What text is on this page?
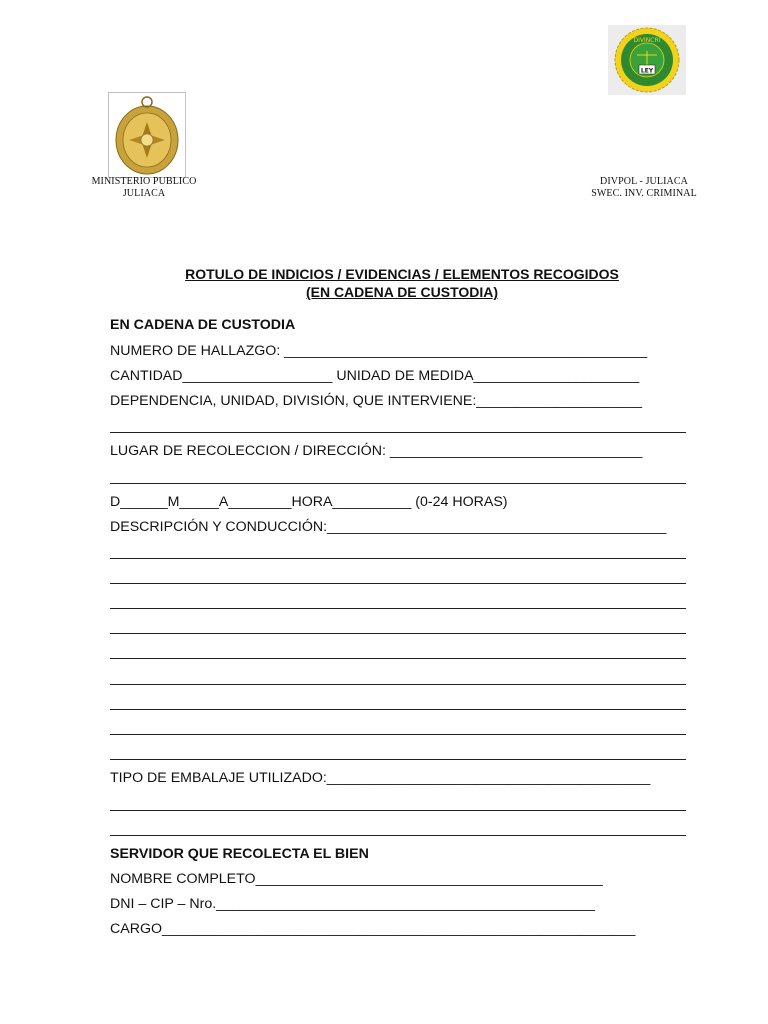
DIVINCRI
LEY
MINISTERIO PUBLICO
JULIACA
DIVPOL - JULIACA
SWEC. INV. CRIMINAL
ROTULO DE INDICIOS / EVIDENCIAS / ELEMENTOS RECOGIDOS
(EN CADENA DE CUSTODIA)
EN CADENA DE CUSTODIA
NUMERO DE HALLAZGO: ______________________________________________
CANTIDAD___________________ UNIDAD DE MEDIDA_____________________
DEPENDENCIA, UNIDAD, DIVISIÓN, QUE INTERVIENE:_____________________
LUGAR DE RECOLECCION / DIRECCIÓN: ________________________________
D______M_____A________HORA__________ (0-24 HORAS)
DESCRIPCIÓN Y CONDUCCIÓN:___________________________________________
TIPO DE EMBALAJE UTILIZADO:_________________________________________
SERVIDOR QUE RECOLECTA EL BIEN
NOMBRE COMPLETO____________________________________________
DNI – CIP – Nro.________________________________________________
CARGO____________________________________________________________
